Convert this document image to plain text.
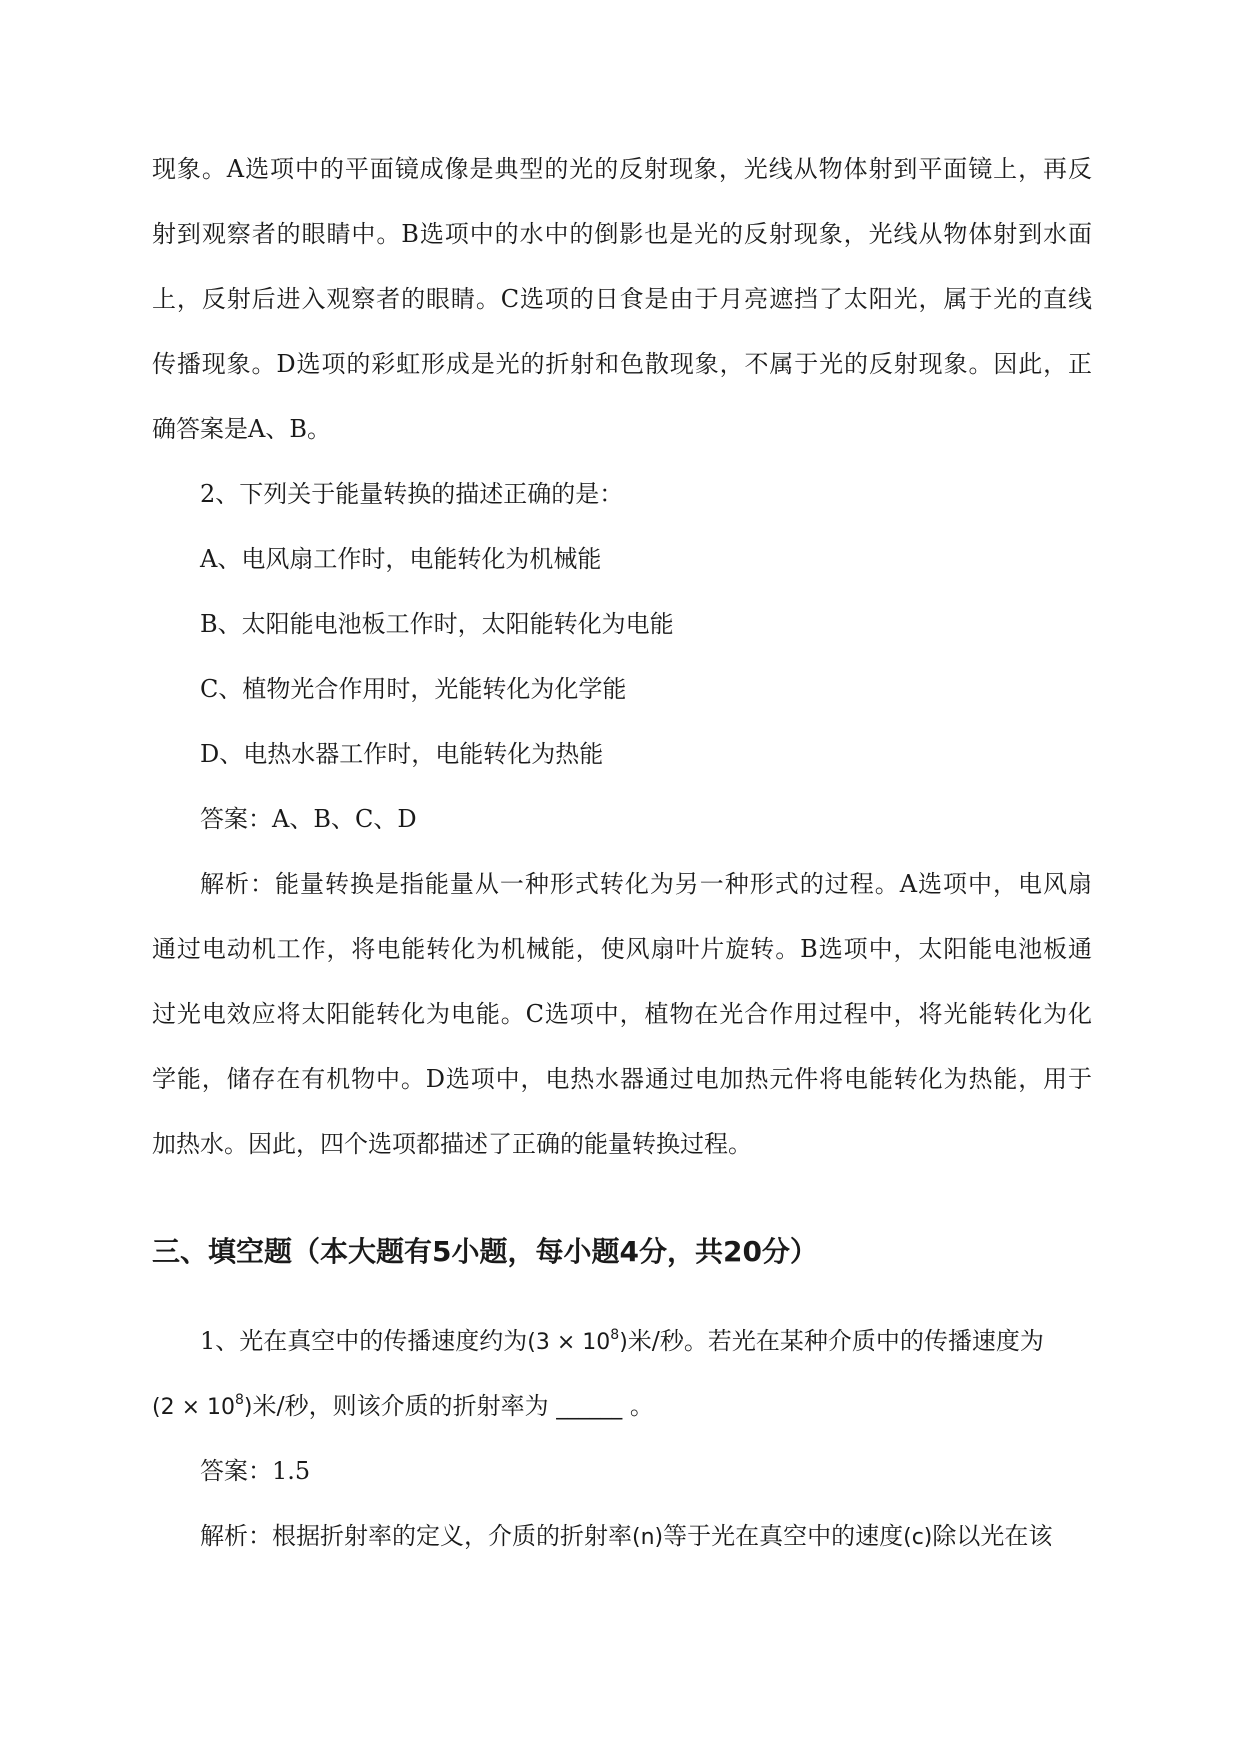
现象。A选项中的平面镜成像是典型的光的反射现象，光线从物体射到平面镜上，再反
射到观察者的眼睛中。B选项中的水中的倒影也是光的反射现象，光线从物体射到水面
上，反射后进入观察者的眼睛。C选项的日食是由于月亮遮挡了太阳光，属于光的直线
传播现象。D选项的彩虹形成是光的折射和色散现象，不属于光的反射现象。因此，正
确答案是A、B。
2、下列关于能量转换的描述正确的是：
A、电风扇工作时，电能转化为机械能
B、太阳能电池板工作时，太阳能转化为电能
C、植物光合作用时，光能转化为化学能
D、电热水器工作时，电能转化为热能
答案：A、B、C、D
解析：能量转换是指能量从一种形式转化为另一种形式的过程。A选项中，电风扇
通过电动机工作，将电能转化为机械能，使风扇叶片旋转。B选项中，太阳能电池板通
过光电效应将太阳能转化为电能。C选项中，植物在光合作用过程中，将光能转化为化
学能，储存在有机物中。D选项中，电热水器通过电加热元件将电能转化为热能，用于
加热水。因此，四个选项都描述了正确的能量转换过程。
三、填空题（本大题有5小题，每小题4分，共20分）
1、光在真空中的传播速度约为$(3 \times 10^8)$米/秒。若光在某种介质中的传播速度为
$(2 \times 10^8)$米/秒，则该介质的折射率为 ______ 。
答案：1.5
解析：根据折射率的定义，介质的折射率(n)等于光在真空中的速度(c)除以光在该
